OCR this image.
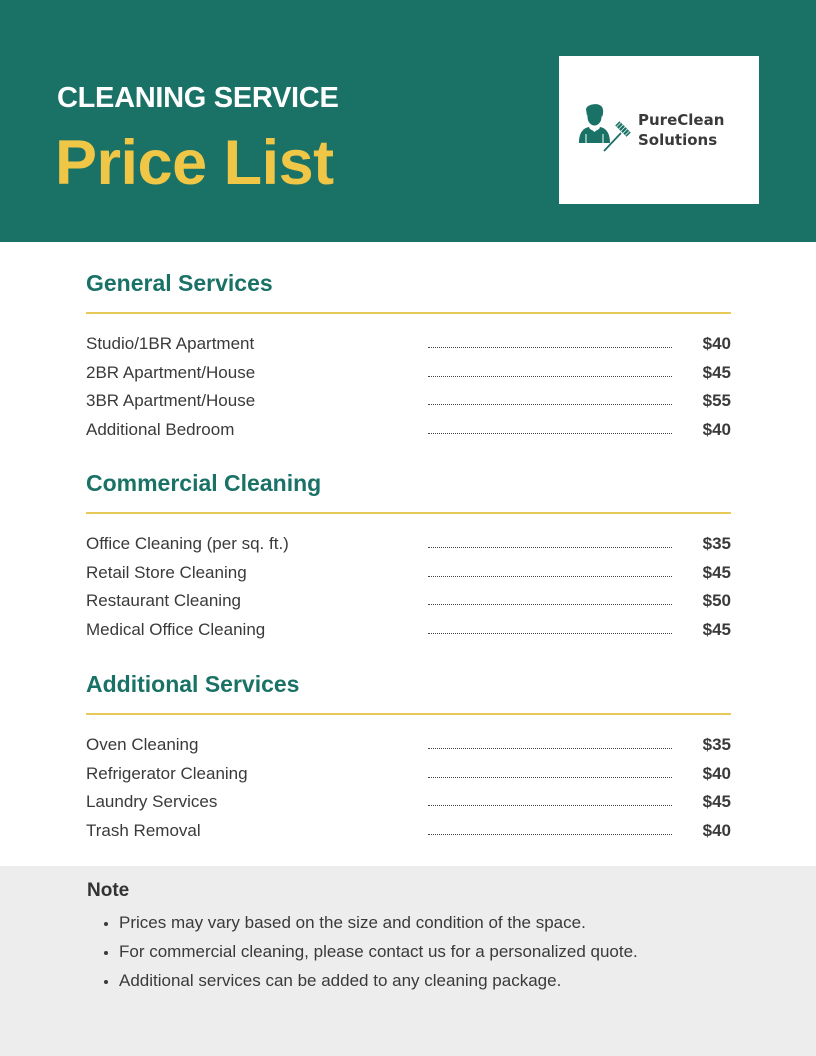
CLEANING SERVICE
Price List
PureClean
Solutions
General Services
Studio/1BR Apartment	$40
2BR Apartment/House	$45
3BR Apartment/House	$55
Additional Bedroom	$40
Commercial Cleaning
Office Cleaning (per sq. ft.)	$35
Retail Store Cleaning	$45
Restaurant Cleaning	$50
Medical Office Cleaning	$45
Additional Services
Oven Cleaning	$35
Refrigerator Cleaning	$40
Laundry Services	$45
Trash Removal	$40
Note
• Prices may vary based on the size and condition of the space.
• For commercial cleaning, please contact us for a personalized quote.
• Additional services can be added to any cleaning package.
